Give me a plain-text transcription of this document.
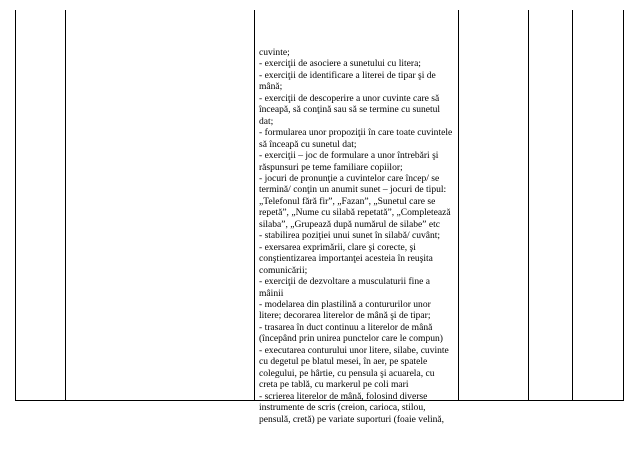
cuvinte;

- exerciţii de asociere a sunetului cu litera;

- exerciţii de identificare a literei de tipar şi de

mână;

- exerciţii de descoperire a unor cuvinte care să

înceapă, să conţină sau să se termine cu sunetul

dat;

- formularea unor propoziţii în care toate cuvintele

să înceapă cu sunetul dat;

- exerciţii – joc de formulare a unor întrebări şi

răspunsuri pe teme familiare copiilor;

- jocuri de pronunţie a cuvintelor care încep/ se

termină/ conţin un anumit sunet – jocuri de tipul:

„Telefonul fără fir”, „Fazan”, „Sunetul care se

repetă”, „Nume cu silabă repetată”, „Completează

silaba”, „Grupează după numărul de silabe” etc

- stabilirea poziţiei unui sunet în silabă/ cuvânt;

- exersarea exprimării, clare şi corecte, şi

conştientizarea importanţei acesteia în reuşita

comunicării;

- exerciţii de dezvoltare a musculaturii fine a

mâinii

- modelarea din plastilină a contururilor unor

litere; decorarea literelor de mână şi de tipar;

- trasarea în duct continuu a literelor de mână

(începând prin unirea punctelor care le compun)

- executarea conturului unor litere, silabe, cuvinte

cu degetul pe blatul mesei, în aer, pe spatele

colegului, pe hârtie, cu pensula şi acuarela, cu

creta pe tablă, cu markerul pe coli mari

- scrierea literelor de mână, folosind diverse

instrumente de scris (creion, carioca, stilou,

pensulă, cretă) pe variate suporturi (foaie velină,
